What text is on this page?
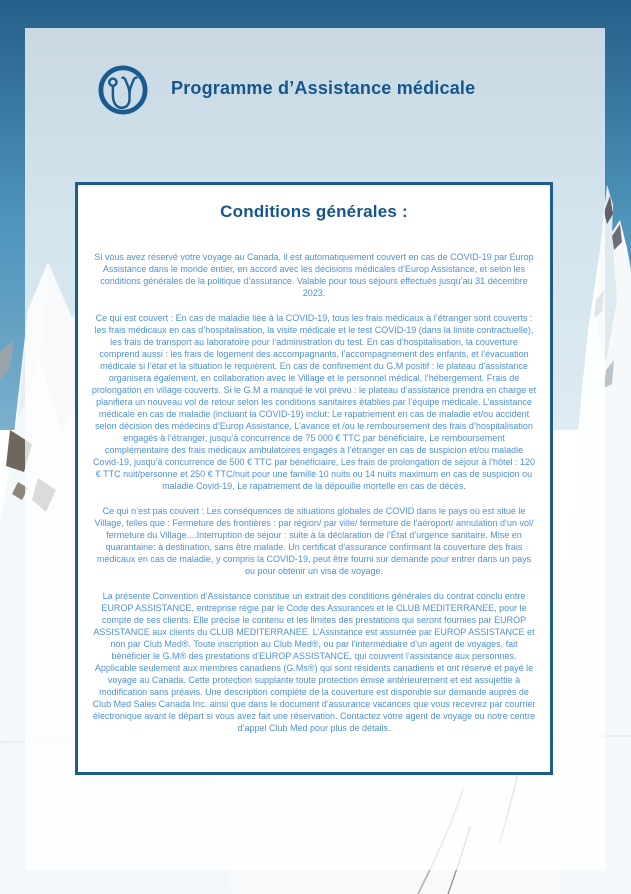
Programme d’Assistance médicale
Conditions générales :

Si vous avez réservé votre voyage au Canada, il est automatiquement couvert en cas de COVID-19 par Europ Assistance dans le monde entier, en accord avec les décisions médicales d’Europ Assistance, et selon les conditions générales de la politique d’assurance. Valable pour tous séjours effectués jusqu’au 31 décembre 2023.

Ce qui est couvert : En cas de maladie liée à la COVID-19, tous les frais médicaux à l’étranger sont couverts : les frais médicaux en cas d’hospitalisation, la visite médicale et le test COVID-19 (dans la limite contractuelle), les frais de transport au laboratoire pour l’administration du test. En cas d’hospitalisation, la couverture comprend aussi : les frais de logement des accompagnants, l’accompagnement des enfants, et l’évacuation médicale si l’état et la situation le requièrent. En cas de confinement du G.M positif : le plateau d’assistance organisera également, en collaboration avec le Village et le personnel médical, l’hébergement. Frais de prolongation en village couverts. Si le G.M a manqué le vol prévu : le plateau d’assistance prendra en charge et planifiera un nouveau vol de retour selon les conditions sanitaires établies par l’équipe médicale. L’assistance médicale en cas de maladie (incluant la COVID-19) inclut: Le rapatriement en cas de maladie et/ou accident selon décision des médecins d’Europ Assistance, L’avance et /ou le remboursement des frais d’hospitalisation engagés à l’étranger, jusqu’à concurrence de 75 000 € TTC par bénéficiaire, Le remboursement complémentaire des frais médicaux ambulatoires engagés à l’étranger en cas de suspicion et/ou maladie Covid-19, jusqu’à concurrence de 500 € TTC par bénéficiaire, Les frais de prolongation de séjour à l’hôtel : 120 € TTC nuit/personne et 250 € TTC/nuit pour une famille 10 nuits ou 14 nuits maximum en cas de suspicion ou maladie Covid-19, Le rapatriement de la dépouille mortelle en cas de décès.

Ce qui n’est pas couvert : Les conséquences de situations globales de COVID dans le pays où est situé le Village, telles que : Fermeture des frontières : par région/ par ville/ fermeture de l’aéroport/ annulation d’un vol/ fermeture du Village....Interruption de séjour : suite à la déclaration de l’État d’urgence sanitaire. Mise en quarantaine: à destination, sans être malade. Un certificat d’assurance confirmant la couverture des frais médicaux en cas de maladie, y compris la COVID-19, peut être fourni sur demande pour entrer dans un pays ou pour obtenir un visa de voyage.

La présente Convention d’Assistance constitue un extrait des conditions générales du contrat conclu entre EUROP ASSISTANCE, entreprise régie par le Code des Assurances et le CLUB MEDITERRANEE, pour le compte de ses clients. Elle précise le contenu et les limites des prestations qui seront fournies par EUROP ASSISTANCE aux clients du CLUB MEDITERRANEE. L’Assistance est assumée par EUROP ASSISTANCE et non par Club Med®. Toute inscription au Club Med®, ou par l’intermédiaire d’un agent de voyages, fait bénéficier le G.M® des prestations d’EUROP ASSISTANCE, qui couvrent l’assistance aux personnes. Applicable seulement aux membres canadiens (G.Ms®) qui sont résidents canadiens et ont réservé et payé le voyage au Canada. Cette protection supplante toute protection émise antérieurement et est assujettie à modification sans préavis. Une description complète de la couverture est disponible sur demande auprès de Club Med Sales Canada Inc. ainsi que dans le document d’assurance vacances que vous recevrez par courrier électronique avant le départ si vous avez fait une réservation. Contactez votre agent de voyage ou notre centre d’appel Club Med pour plus de détails.
